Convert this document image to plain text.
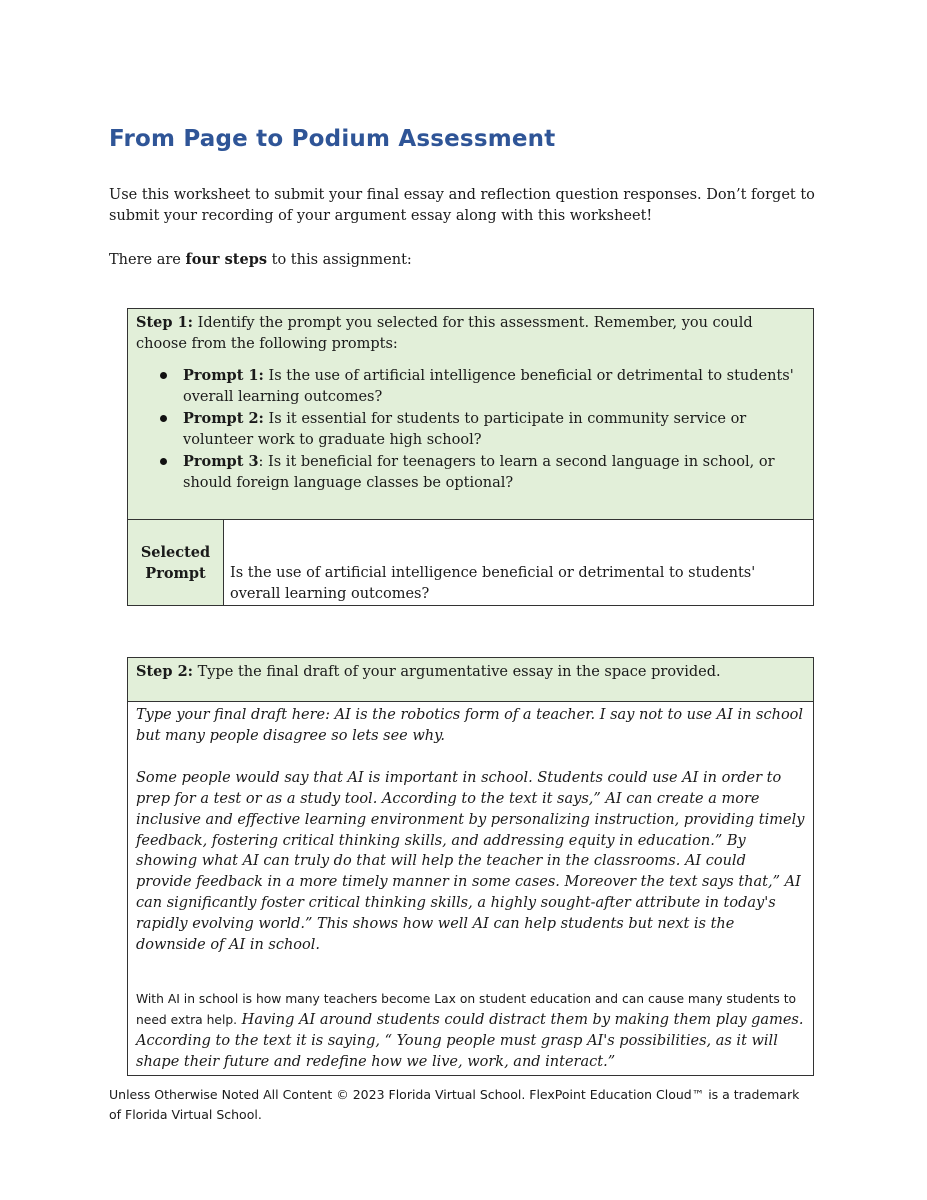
From Page to Podium Assessment

Use this worksheet to submit your final essay and reflection question responses. Don’t forget to submit your recording of your argument essay along with this worksheet!

There are four steps to this assignment:

Step 1: Identify the prompt you selected for this assessment. Remember, you could choose from the following prompts:
Prompt 1: Is the use of artificial intelligence beneficial or detrimental to students' overall learning outcomes?
Prompt 2: Is it essential for students to participate in community service or volunteer work to graduate high school?
Prompt 3: Is it beneficial for teenagers to learn a second language in school, or should foreign language classes be optional?

Selected Prompt	Is the use of artificial intelligence beneficial or detrimental to students' overall learning outcomes?
Step 2: Type the final draft of your argumentative essay in the space provided.

Type your final draft here: AI is the robotics form of a teacher. I say not to use AI in school but many people disagree so lets see why.

Some people would say that AI is important in school. Students could use AI in order to prep for a test or as a study tool. According to the text it says,” AI can create a more inclusive and effective learning environment by personalizing instruction, providing timely feedback, fostering critical thinking skills, and addressing equity in education.” By showing what AI can truly do that will help the teacher in the classrooms. AI could provide feedback in a more timely manner in some cases. Moreover the text says that,” AI can significantly foster critical thinking skills, a highly sought-after attribute in today's rapidly evolving world.” This shows how well AI can help students but next is the downside of AI in school.

With AI in school is how many teachers become Lax on student education and can cause many students to need extra help. Having AI around students could distract them by making them play games. According to the text it is saying, “ Young people must grasp AI's possibilities, as it will shape their future and redefine how we live, work, and interact.”

Unless Otherwise Noted All Content © 2023 Florida Virtual School. FlexPoint Education Cloud™ is a trademark of Florida Virtual School.
